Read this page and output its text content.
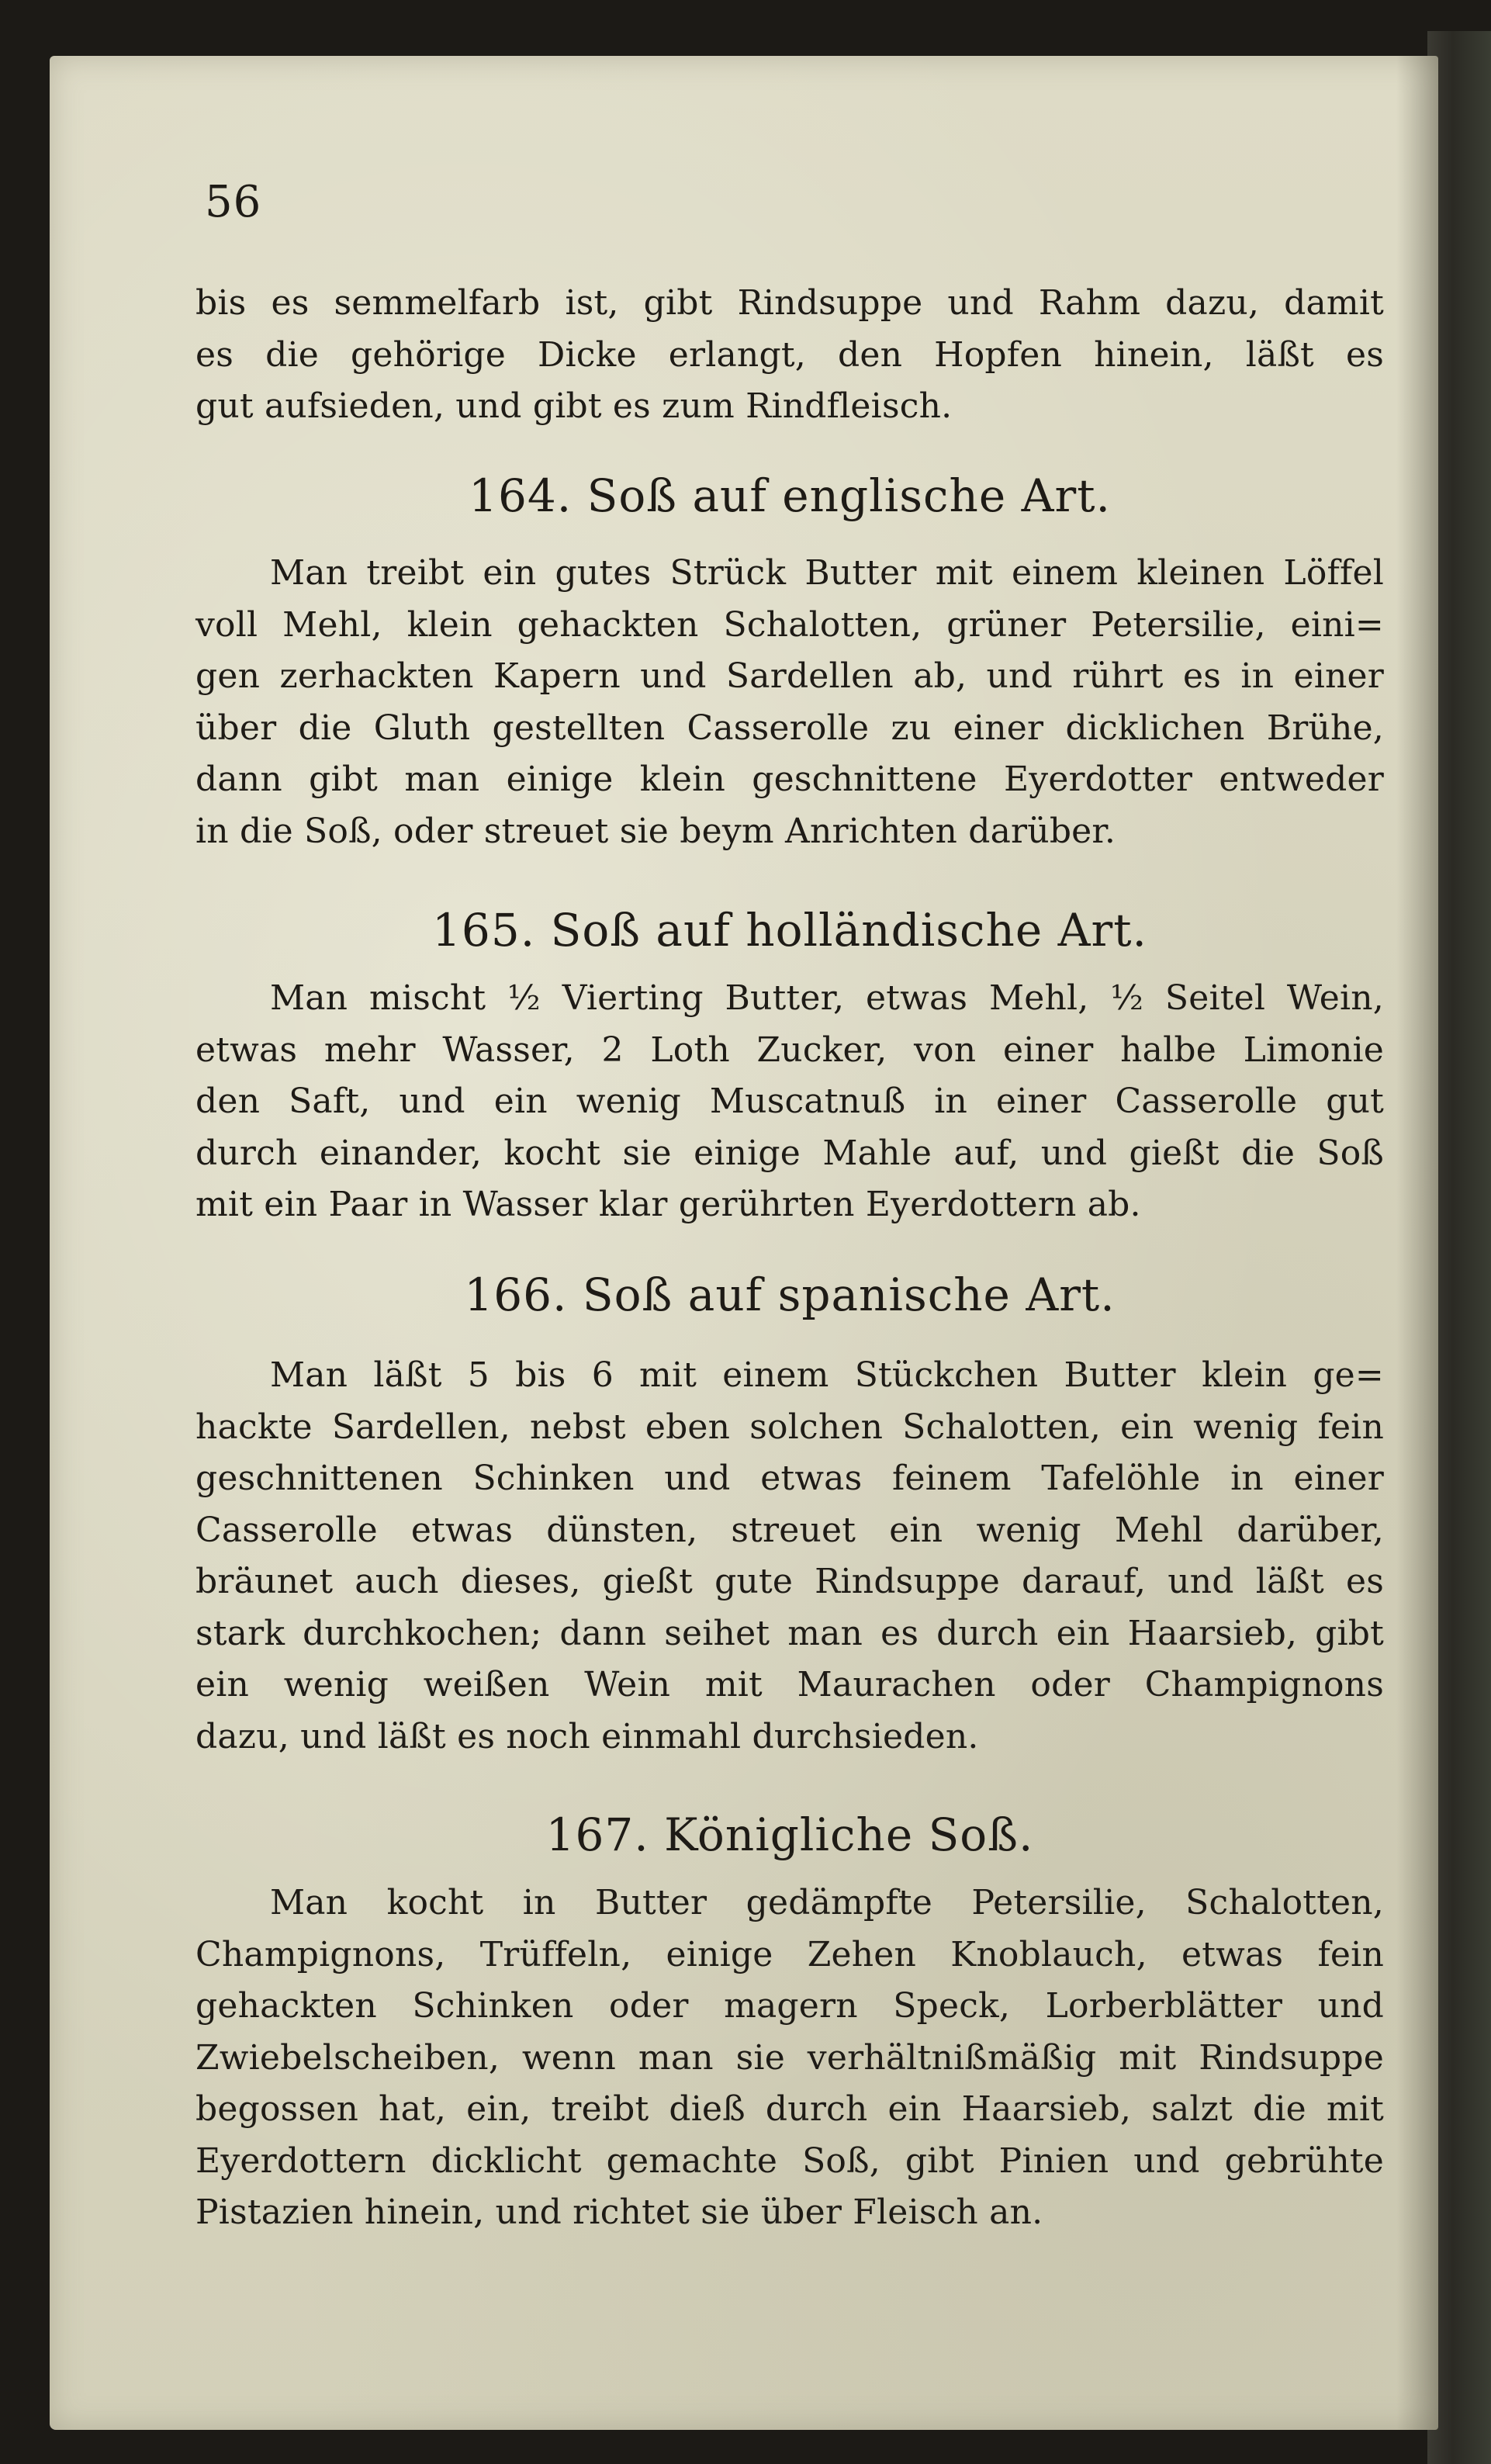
56

bis es semmelfarb ist, gibt Rindsuppe und Rahm dazu, damit
es die gehörige Dicke erlangt, den Hopfen hinein, läßt es
gut aufsieden, und gibt es zum Rindfleisch.

164. Soß auf englische Art.

Man treibt ein gutes Strück Butter mit einem kleinen Löffel
voll Mehl, klein gehackten Schalotten, grüner Petersilie, eini=
gen zerhackten Kapern und Sardellen ab, und rührt es in einer
über die Gluth gestellten Casserolle zu einer dicklichen Brühe,
dann gibt man einige klein geschnittene Eyerdotter entweder
in die Soß, oder streuet sie beym Anrichten darüber.

165. Soß auf holländische Art.

Man mischt ½ Vierting Butter, etwas Mehl, ½ Seitel Wein,
etwas mehr Wasser, 2 Loth Zucker, von einer halbe Limonie
den Saft, und ein wenig Muscatnuß in einer Casserolle gut
durch einander, kocht sie einige Mahle auf, und gießt die Soß
mit ein Paar in Wasser klar gerührten Eyerdottern ab.

166. Soß auf spanische Art.

Man läßt 5 bis 6 mit einem Stückchen Butter klein ge=
hackte Sardellen, nebst eben solchen Schalotten, ein wenig fein
geschnittenen Schinken und etwas feinem Tafelöhle in einer
Casserolle etwas dünsten, streuet ein wenig Mehl darüber,
bräunet auch dieses, gießt gute Rindsuppe darauf, und läßt es
stark durchkochen; dann seihet man es durch ein Haarsieb, gibt
ein wenig weißen Wein mit Maurachen oder Champignons
dazu, und läßt es noch einmahl durchsieden.

167. Königliche Soß.

Man kocht in Butter gedämpfte Petersilie, Schalotten,
Champignons, Trüffeln, einige Zehen Knoblauch, etwas fein
gehackten Schinken oder magern Speck, Lorberblätter und
Zwiebelscheiben, wenn man sie verhältnißmäßig mit Rindsuppe
begossen hat, ein, treibt dieß durch ein Haarsieb, salzt die mit
Eyerdottern dicklicht gemachte Soß, gibt Pinien und gebrühte
Pistazien hinein, und richtet sie über Fleisch an.
